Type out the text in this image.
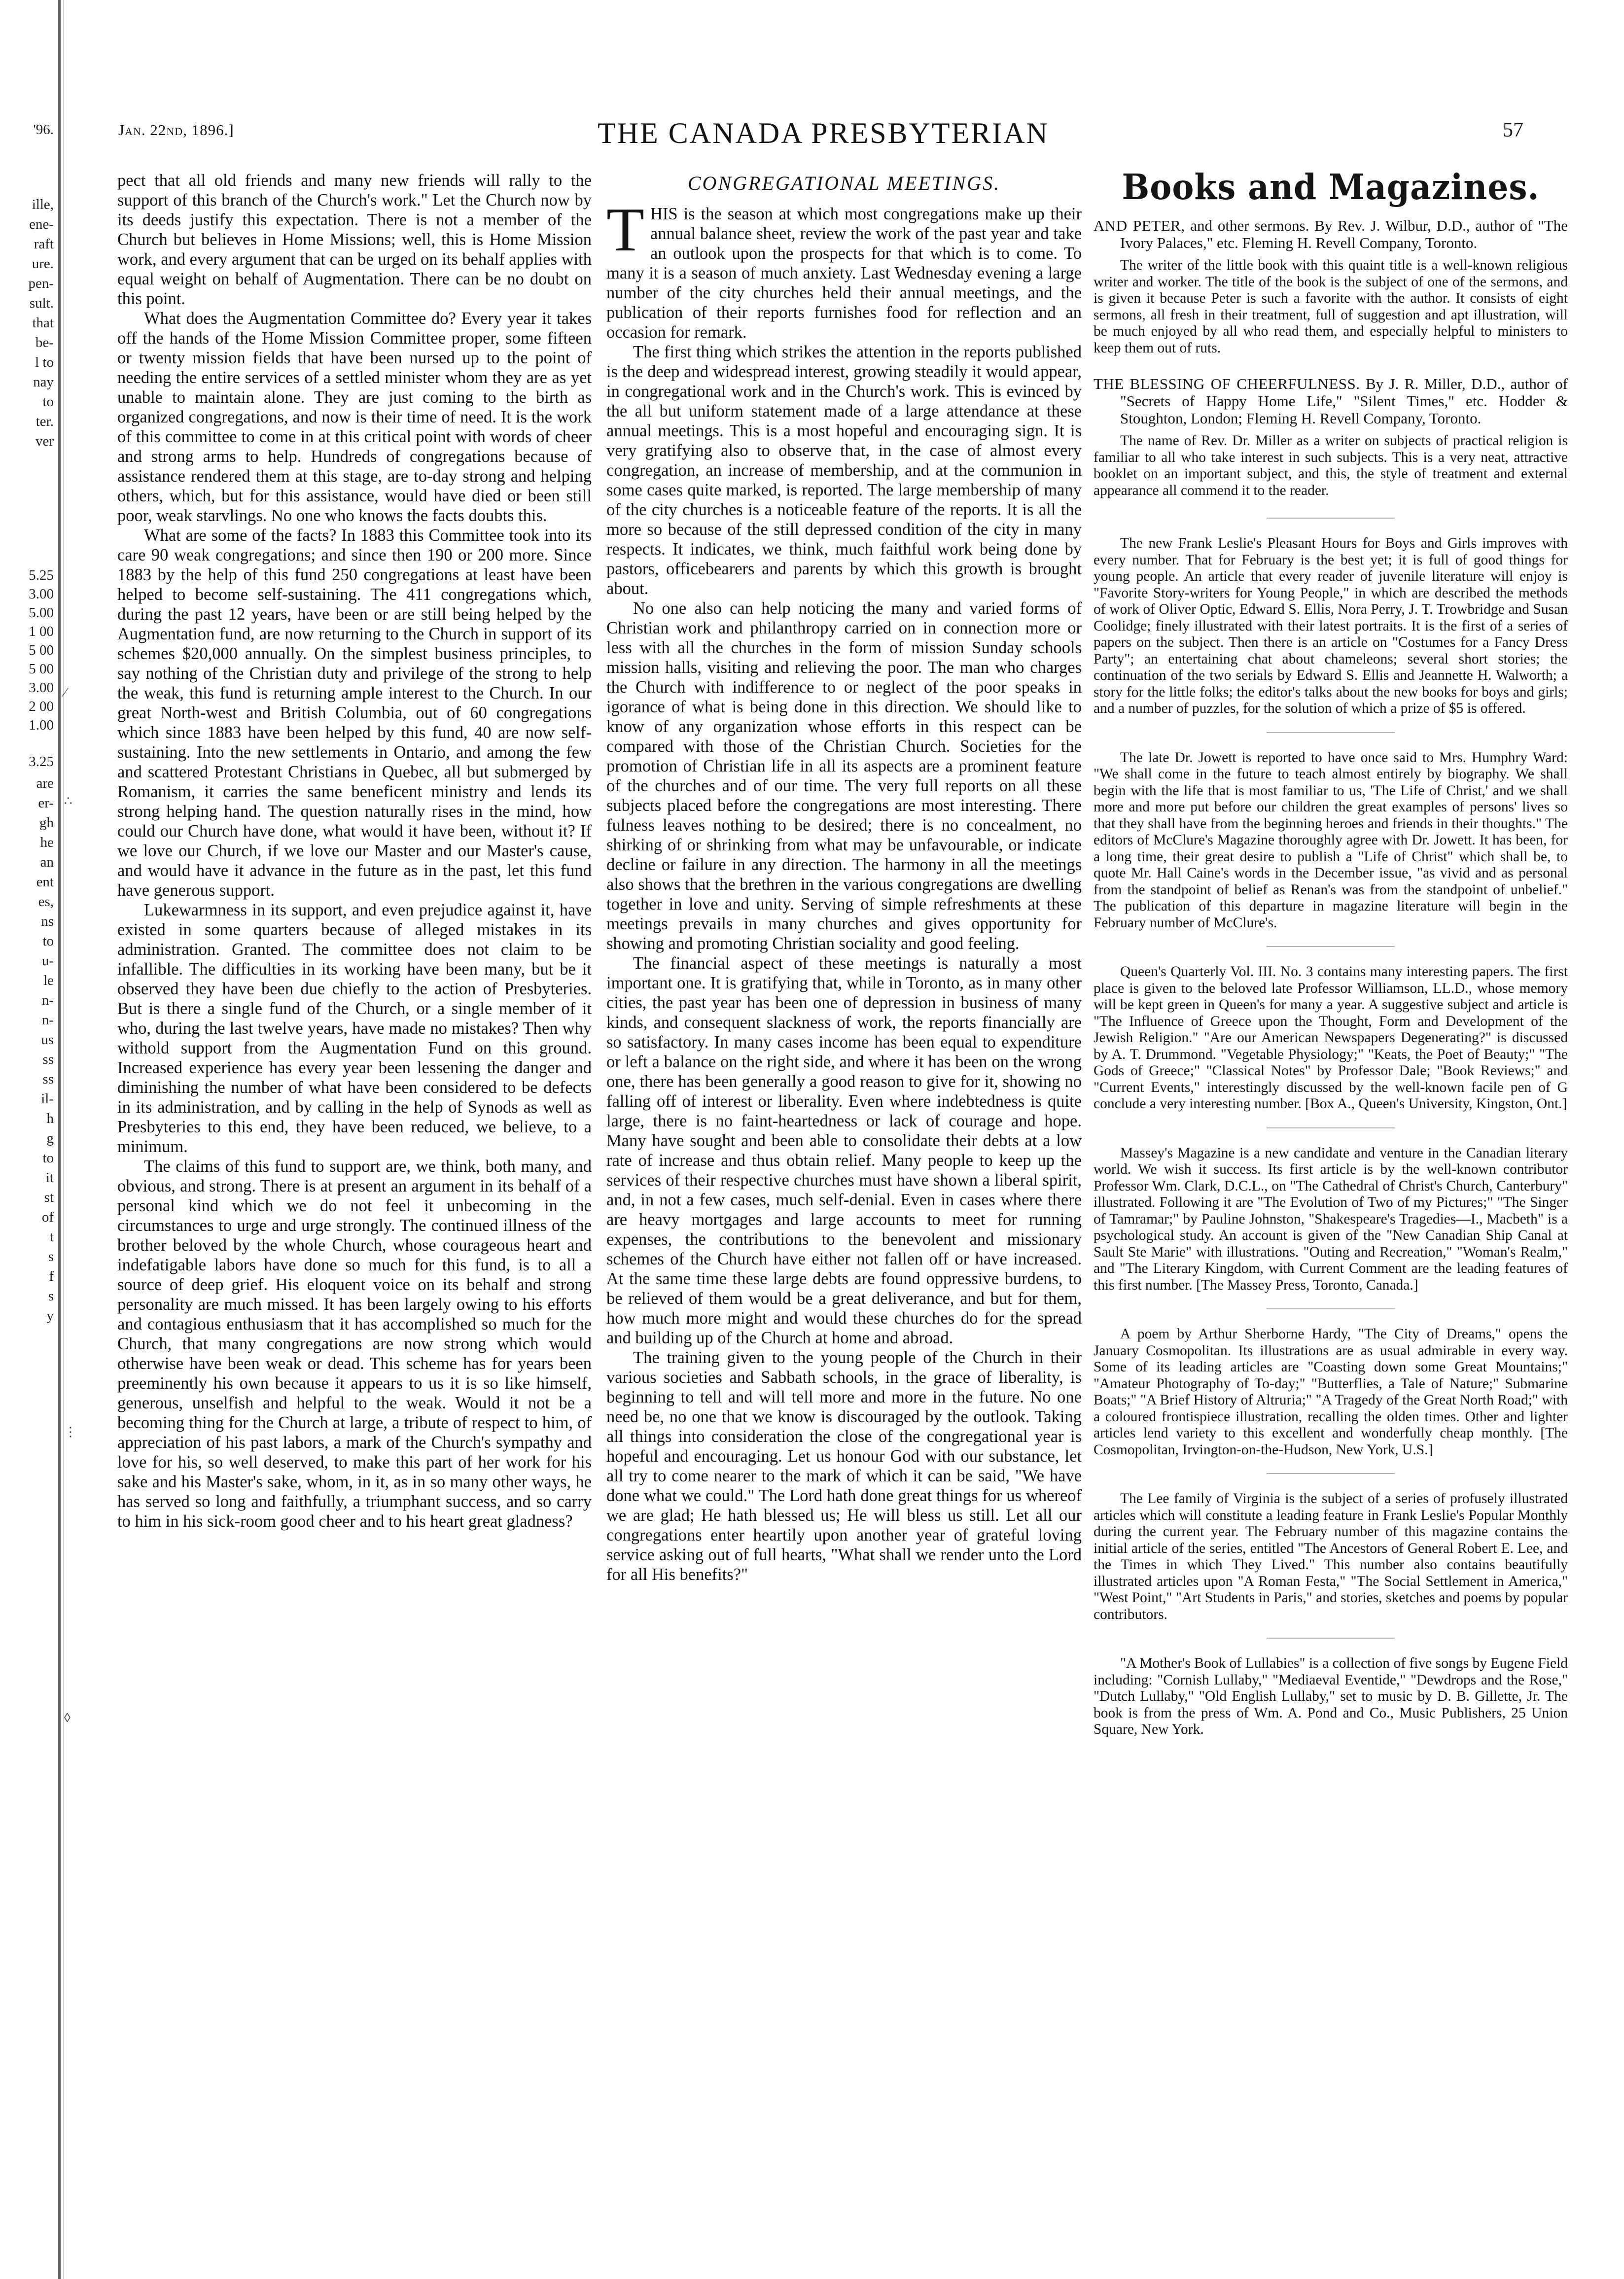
'96.
ille,
ene-
raft
ure.
pen-
sult.
that
be-
l to
nay
to
ter.
ver
5.25
3.00
5.00
1 00
5 00
5 00
3.00
2 00
1.00
3.25
are
er-
gh
he
an
ent
es,
ns
to
u-
le
n-
n-
us
ss
ss
il-
h
g
to
it
st
of
t
s
f
s
y
⁄
∴
⋮
◊
Jan. 22nd, 1896.]	THE CANADA PRESBYTERIAN	57

pect that all old friends and many new friends will rally to the support of this branch of the Church's work." Let the Church now by its deeds justify this expectation. There is not a member of the Church but believes in Home Missions; well, this is Home Mission work, and every argument that can be urged on its behalf applies with equal weight on behalf of Augmentation. There can be no doubt on this point.

What does the Augmentation Committee do? Every year it takes off the hands of the Home Mission Committee proper, some fifteen or twenty mission fields that have been nursed up to the point of needing the entire services of a settled minister whom they are as yet unable to maintain alone. They are just coming to the birth as organized congregations, and now is their time of need. It is the work of this committee to come in at this critical point with words of cheer and strong arms to help. Hundreds of congregations because of assistance rendered them at this stage, are to-day strong and helping others, which, but for this assistance, would have died or been still poor, weak starvlings. No one who knows the facts doubts this.

What are some of the facts? In 1883 this Committee took into its care 90 weak congregations; and since then 190 or 200 more. Since 1883 by the help of this fund 250 congregations at least have been helped to become self-sustaining. The 411 congregations which, during the past 12 years, have been or are still being helped by the Augmentation fund, are now returning to the Church in support of its schemes $20,000 annually. On the simplest business principles, to say nothing of the Christian duty and privilege of the strong to help the weak, this fund is returning ample interest to the Church. In our great North-west and British Columbia, out of 60 congregations which since 1883 have been helped by this fund, 40 are now self-sustaining. Into the new settlements in Ontario, and among the few and scattered Protestant Christians in Quebec, all but submerged by Romanism, it carries the same beneficent ministry and lends its strong helping hand. The question naturally rises in the mind, how could our Church have done, what would it have been, without it? If we love our Church, if we love our Master and our Master's cause, and would have it advance in the future as in the past, let this fund have generous support.

Lukewarmness in its support, and even prejudice against it, have existed in some quarters because of alleged mistakes in its administration. Granted. The committee does not claim to be infallible. The difficulties in its working have been many, but be it observed they have been due chiefly to the action of Presbyteries. But is there a single fund of the Church, or a single member of it who, during the last twelve years, have made no mistakes? Then why withold support from the Augmentation Fund on this ground. Increased experience has every year been lessening the danger and diminishing the number of what have been considered to be defects in its administration, and by calling in the help of Synods as well as Presbyteries to this end, they have been reduced, we believe, to a minimum.

The claims of this fund to support are, we think, both many, and obvious, and strong. There is at present an argument in its behalf of a personal kind which we do not feel it unbecoming in the circumstances to urge and urge strongly. The continued illness of the brother beloved by the whole Church, whose courageous heart and indefatigable labors have done so much for this fund, is to all a source of deep grief. His eloquent voice on its behalf and strong personality are much missed. It has been largely owing to his efforts and contagious enthusiasm that it has accomplished so much for the Church, that many congregations are now strong which would otherwise have been weak or dead. This scheme has for years been preeminently his own because it appears to us it is so like himself, generous, unselfish and helpful to the weak. Would it not be a becoming thing for the Church at large, a tribute of respect to him, of appreciation of his past labors, a mark of the Church's sympathy and love for his, so well deserved, to make this part of her work for his sake and his Master's sake, whom, in it, as in so many other ways, he has served so long and faithfully, a triumphant success, and so carry to him in his sick-room good cheer and to his heart great gladness?

CONGREGATIONAL MEETINGS.

THIS is the season at which most congregations make up their annual balance sheet, review the work of the past year and take an outlook upon the prospects for that which is to come. To many it is a season of much anxiety. Last Wednesday evening a large number of the city churches held their annual meetings, and the publication of their reports furnishes food for reflection and an occasion for remark.

The first thing which strikes the attention in the reports published is the deep and widespread interest, growing steadily it would appear, in congregational work and in the Church's work. This is evinced by the all but uniform statement made of a large attendance at these annual meetings. This is a most hopeful and encouraging sign. It is very gratifying also to observe that, in the case of almost every congregation, an increase of membership, and at the communion in some cases quite marked, is reported. The large membership of many of the city churches is a noticeable feature of the reports. It is all the more so because of the still depressed condition of the city in many respects. It indicates, we think, much faithful work being done by pastors, officebearers and parents by which this growth is brought about.

No one also can help noticing the many and varied forms of Christian work and philanthropy carried on in connection more or less with all the churches in the form of mission Sunday schools mission halls, visiting and relieving the poor. The man who charges the Church with indifference to or neglect of the poor speaks in igorance of what is being done in this direction. We should like to know of any organization whose efforts in this respect can be compared with those of the Christian Church. Societies for the promotion of Christian life in all its aspects are a prominent feature of the churches and of our time. The very full reports on all these subjects placed before the congregations are most interesting. There fulness leaves nothing to be desired; there is no concealment, no shirking of or shrinking from what may be unfavourable, or indicate decline or failure in any direction. The harmony in all the meetings also shows that the brethren in the various congregations are dwelling together in love and unity. Serving of simple refreshments at these meetings prevails in many churches and gives opportunity for showing and promoting Christian sociality and good feeling.

The financial aspect of these meetings is naturally a most important one. It is gratifying that, while in Toronto, as in many other cities, the past year has been one of depression in business of many kinds, and consequent slackness of work, the reports financially are so satisfactory. In many cases income has been equal to expenditure or left a balance on the right side, and where it has been on the wrong one, there has been generally a good reason to give for it, showing no falling off of interest or liberality. Even where indebtedness is quite large, there is no faint-heartedness or lack of courage and hope. Many have sought and been able to consolidate their debts at a low rate of increase and thus obtain relief. Many people to keep up the services of their respective churches must have shown a liberal spirit, and, in not a few cases, much self-denial. Even in cases where there are heavy mortgages and large accounts to meet for running expenses, the contributions to the benevolent and missionary schemes of the Church have either not fallen off or have increased. At the same time these large debts are found oppressive burdens, to be relieved of them would be a great deliverance, and but for them, how much more might and would these churches do for the spread and building up of the Church at home and abroad.

The training given to the young people of the Church in their various societies and Sabbath schools, in the grace of liberality, is beginning to tell and will tell more and more in the future. No one need be, no one that we know is discouraged by the outlook. Taking all things into consideration the close of the congregational year is hopeful and encouraging. Let us honour God with our substance, let all try to come nearer to the mark of which it can be said, "We have done what we could." The Lord hath done great things for us whereof we are glad; He hath blessed us; He will bless us still. Let all our congregations enter heartily upon another year of grateful loving service asking out of full hearts, "What shall we render unto the Lord for all His benefits?"

Books and Magazines.
AND PETER, and other sermons. By Rev. J. Wilbur, D.D., author of "The Ivory Palaces," etc. Fleming H. Revell Company, Toronto.

The writer of the little book with this quaint title is a well-known religious writer and worker. The title of the book is the subject of one of the sermons, and is given it because Peter is such a favorite with the author. It consists of eight sermons, all fresh in their treatment, full of suggestion and apt illustration, will be much enjoyed by all who read them, and especially helpful to ministers to keep them out of ruts.

THE BLESSING OF CHEERFULNESS. By J. R. Miller, D.D., author of "Secrets of Happy Home Life," "Silent Times," etc. Hodder & Stoughton, London; Fleming H. Revell Company, Toronto.

The name of Rev. Dr. Miller as a writer on subjects of practical religion is familiar to all who take interest in such subjects. This is a very neat, attractive booklet on an important subject, and this, the style of treatment and external appearance all commend it to the reader.

The new Frank Leslie's Pleasant Hours for Boys and Girls improves with every number. That for February is the best yet; it is full of good things for young people. An article that every reader of juvenile literature will enjoy is "Favorite Story-writers for Young People," in which are described the methods of work of Oliver Optic, Edward S. Ellis, Nora Perry, J. T. Trowbridge and Susan Coolidge; finely illustrated with their latest portraits. It is the first of a series of papers on the subject. Then there is an article on "Costumes for a Fancy Dress Party"; an entertaining chat about chameleons; several short stories; the continuation of the two serials by Edward S. Ellis and Jeannette H. Walworth; a story for the little folks; the editor's talks about the new books for boys and girls; and a number of puzzles, for the solution of which a prize of $5 is offered.

The late Dr. Jowett is reported to have once said to Mrs. Humphry Ward: "We shall come in the future to teach almost entirely by biography. We shall begin with the life that is most familiar to us, 'The Life of Christ,' and we shall more and more put before our children the great examples of persons' lives so that they shall have from the beginning heroes and friends in their thoughts." The editors of McClure's Magazine thoroughly agree with Dr. Jowett. It has been, for a long time, their great desire to publish a "Life of Christ" which shall be, to quote Mr. Hall Caine's words in the December issue, "as vivid and as personal from the standpoint of belief as Renan's was from the standpoint of unbelief." The publication of this departure in magazine literature will begin in the February number of McClure's.

Queen's Quarterly Vol. III. No. 3 contains many interesting papers. The first place is given to the beloved late Professor Williamson, LL.D., whose memory will be kept green in Queen's for many a year. A suggestive subject and article is "The Influence of Greece upon the Thought, Form and Development of the Jewish Religion." "Are our American Newspapers Degenerating?" is discussed by A. T. Drummond. "Vegetable Physiology;" "Keats, the Poet of Beauty;" "The Gods of Greece;" "Classical Notes" by Professor Dale; "Book Reviews;" and "Current Events," interestingly discussed by the well-known facile pen of G conclude a very interesting number. [Box A., Queen's University, Kingston, Ont.]

Massey's Magazine is a new candidate and venture in the Canadian literary world. We wish it success. Its first article is by the well-known contributor Professor Wm. Clark, D.C.L., on "The Cathedral of Christ's Church, Canterbury" illustrated. Following it are "The Evolution of Two of my Pictures;" "The Singer of Tamramar;" by Pauline Johnston, "Shakespeare's Tragedies—I., Macbeth" is a psychological study. An account is given of the "New Canadian Ship Canal at Sault Ste Marie" with illustrations. "Outing and Recreation," "Woman's Realm," and "The Literary Kingdom, with Current Comment are the leading features of this first number. [The Massey Press, Toronto, Canada.]

A poem by Arthur Sherborne Hardy, "The City of Dreams," opens the January Cosmopolitan. Its illustrations are as usual admirable in every way. Some of its leading articles are "Coasting down some Great Mountains;" "Amateur Photography of To-day;" "Butterflies, a Tale of Nature;" Submarine Boats;" "A Brief History of Altruria;" "A Tragedy of the Great North Road;" with a coloured frontispiece illustration, recalling the olden times. Other and lighter articles lend variety to this excellent and wonderfully cheap monthly. [The Cosmopolitan, Irvington-on-the-Hudson, New York, U.S.]

The Lee family of Virginia is the subject of a series of profusely illustrated articles which will constitute a leading feature in Frank Leslie's Popular Monthly during the current year. The February number of this magazine contains the initial article of the series, entitled "The Ancestors of General Robert E. Lee, and the Times in which They Lived." This number also contains beautifully illustrated articles upon "A Roman Festa," "The Social Settlement in America," "West Point," "Art Students in Paris," and stories, sketches and poems by popular contributors.

"A Mother's Book of Lullabies" is a collection of five songs by Eugene Field including: "Cornish Lullaby," "Mediaeval Eventide," "Dewdrops and the Rose," "Dutch Lullaby," "Old English Lullaby," set to music by D. B. Gillette, Jr. The book is from the press of Wm. A. Pond and Co., Music Publishers, 25 Union Square, New York.
